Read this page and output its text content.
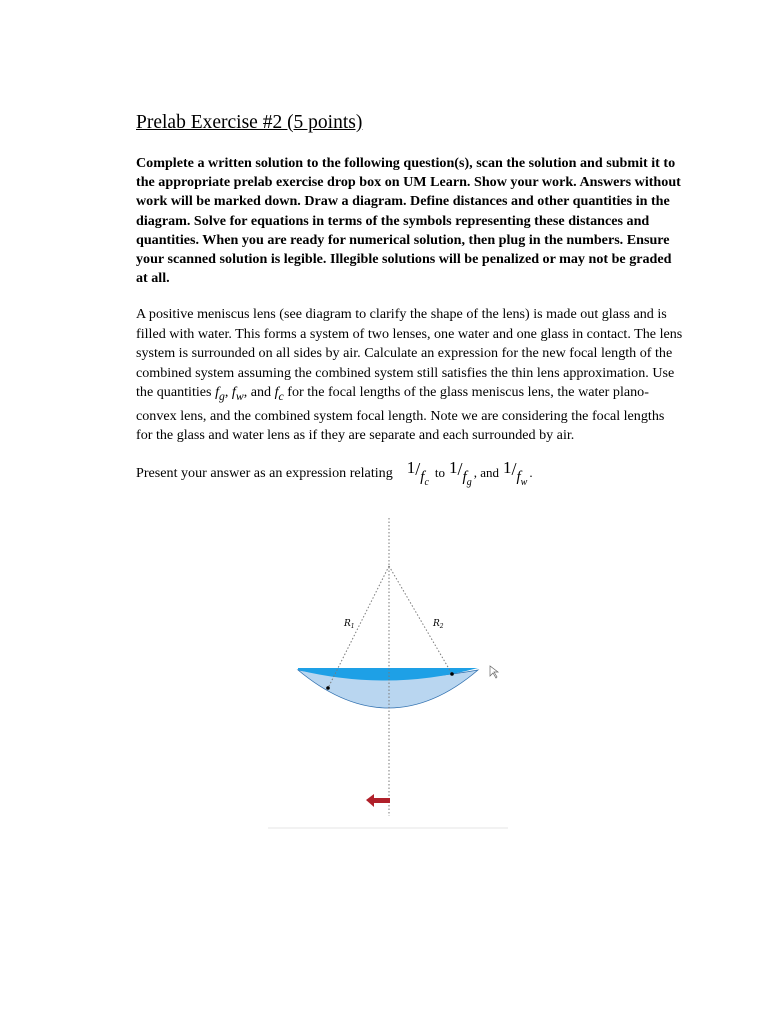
Prelab Exercise #2 (5 points)
Complete a written solution to the following question(s), scan the solution and submit it to the appropriate prelab exercise drop box on UM Learn. Show your work. Answers without work will be marked down. Draw a diagram. Define distances and other quantities in the diagram. Solve for equations in terms of the symbols representing these distances and quantities. When you are ready for numerical solution, then plug in the numbers. Ensure your scanned solution is legible. Illegible solutions will be penalized or may not be graded at all.
A positive meniscus lens (see diagram to clarify the shape of the lens) is made out glass and is filled with water. This forms a system of two lenses, one water and one glass in contact. The lens system is surrounded on all sides by air. Calculate an expression for the new focal length of the combined system assuming the combined system still satisfies the thin lens approximation. Use the quantities $f_g$, $f_w$, and $f_c$ for the focal lengths of the glass meniscus lens, the water plano-convex lens, and the combined system focal length. Note we are considering the focal lengths for the glass and water lens as if they are separate and each surrounded by air.
Present your answer as an expression relating $1/f_c$
to $1/f_g$
, and $1/f_w$
.
$R_1$	$R_2$
